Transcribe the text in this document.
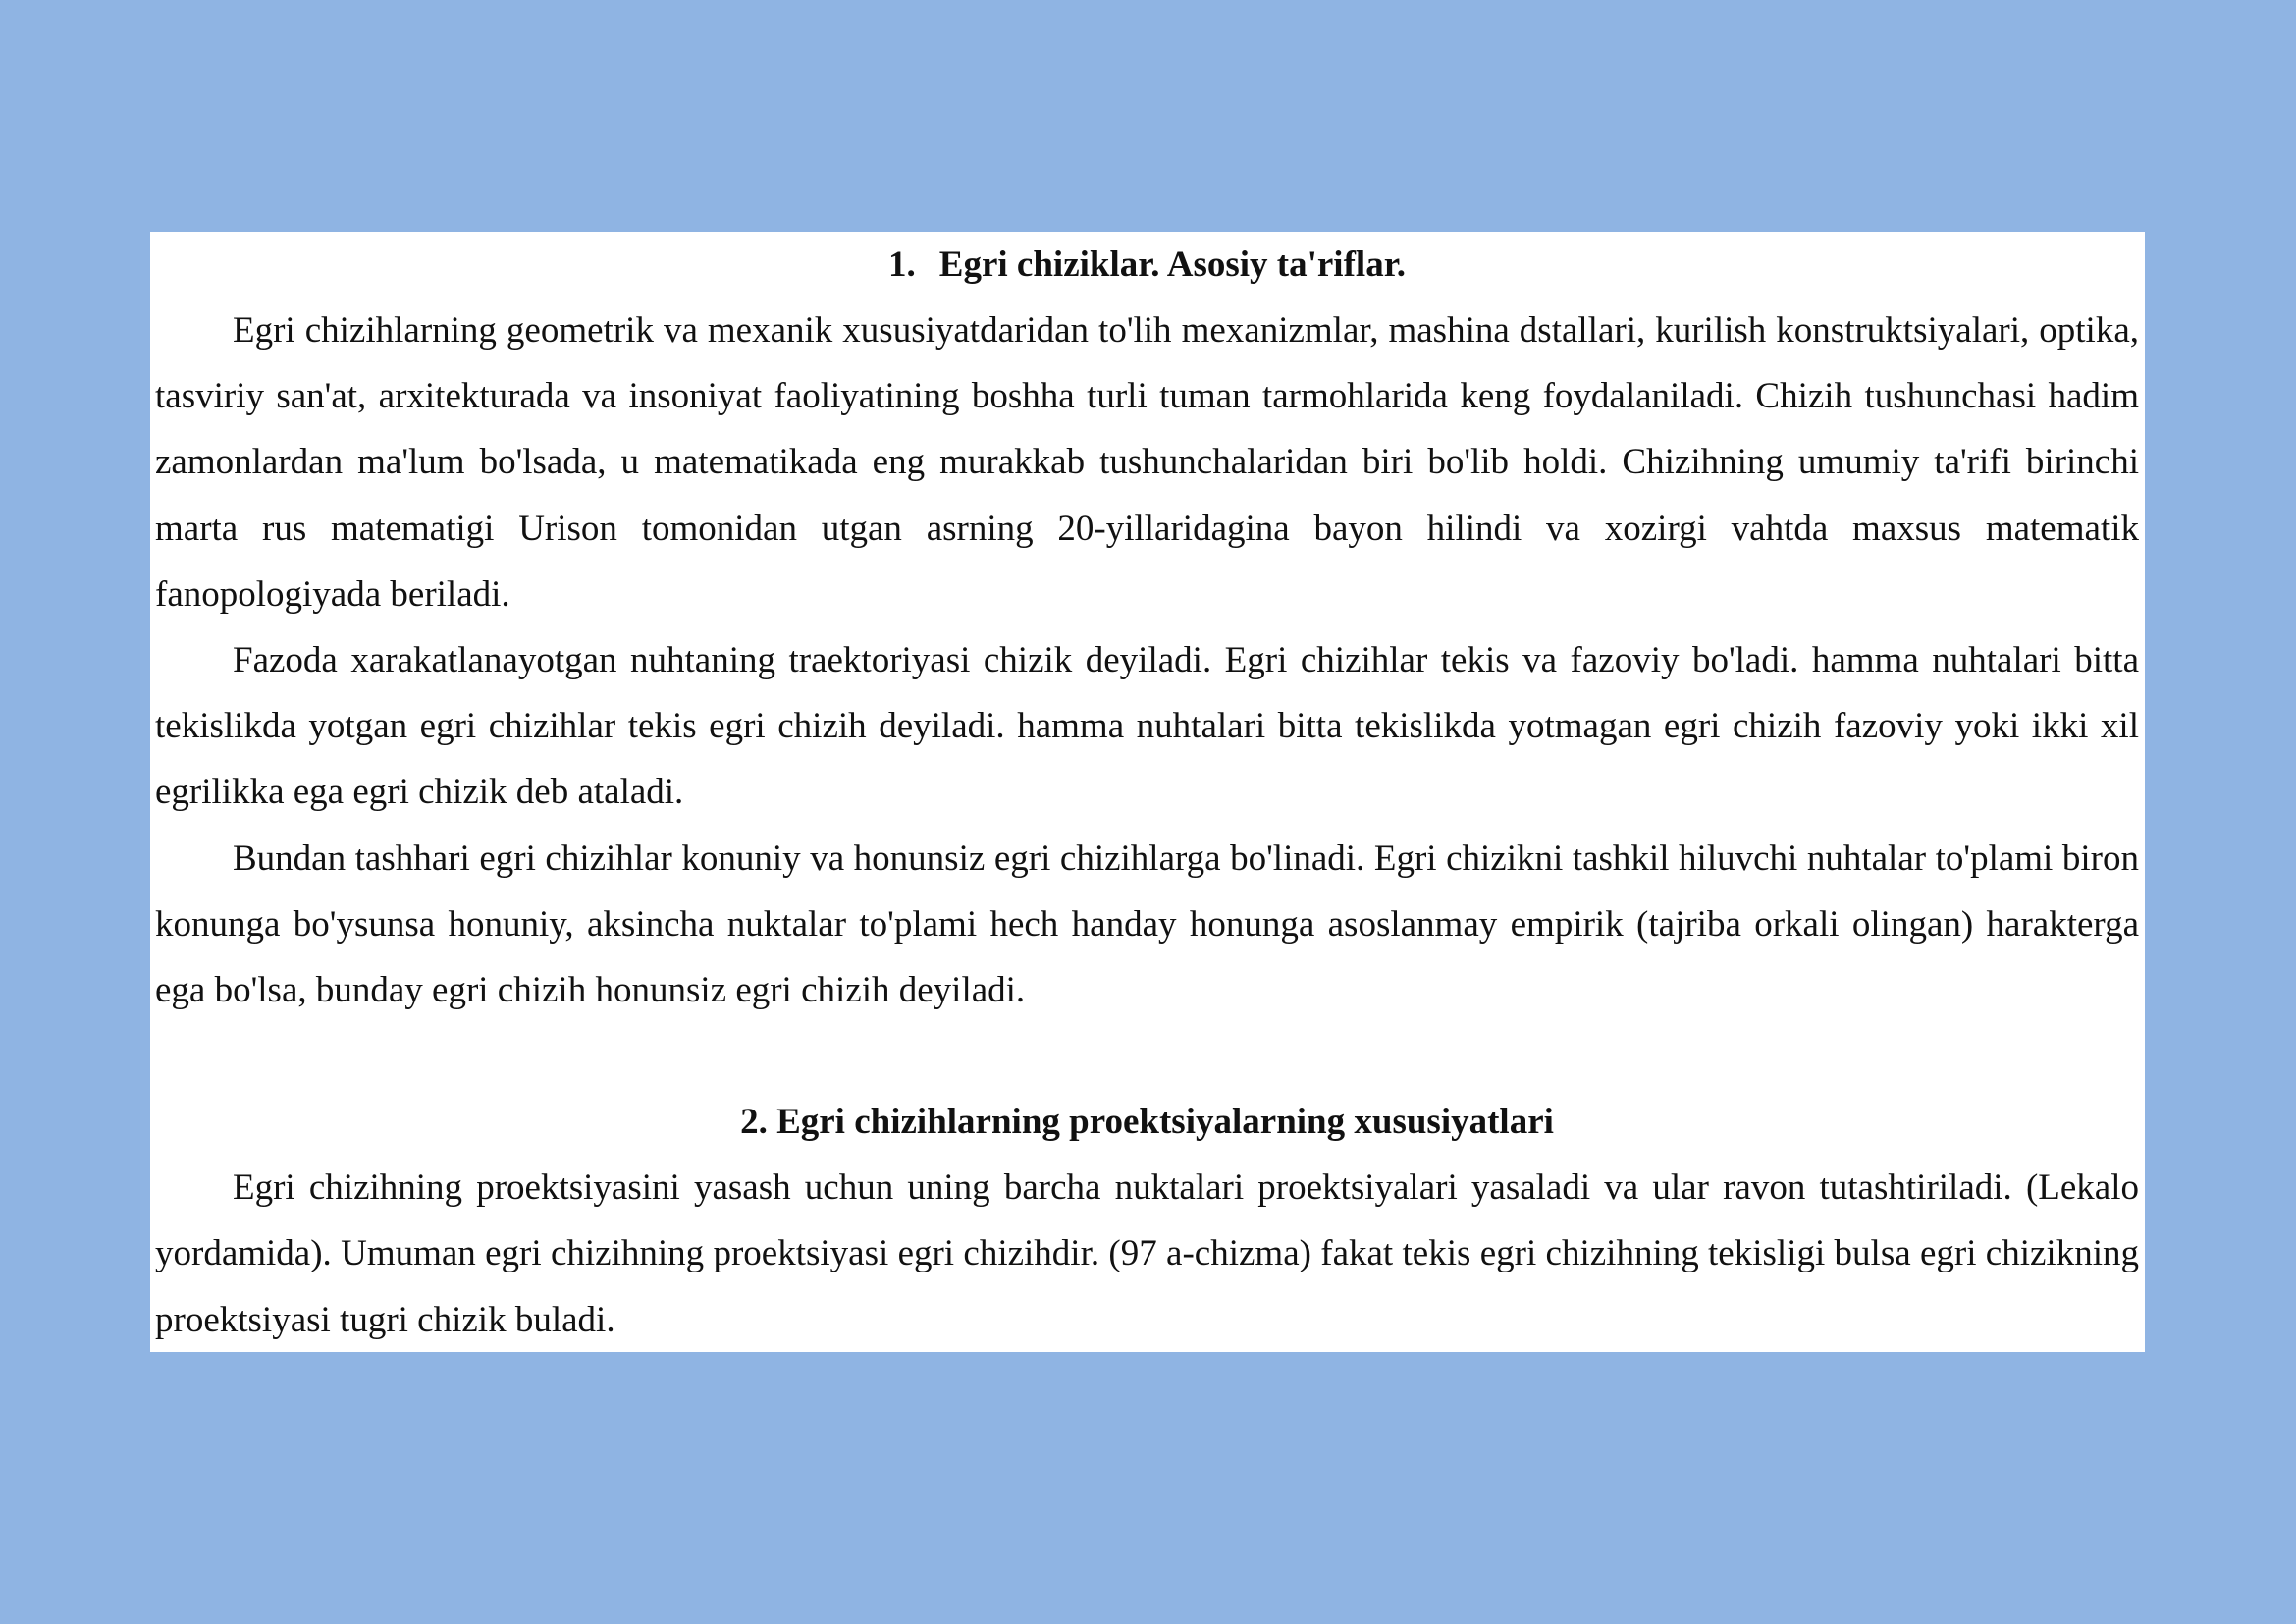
1. Egri chiziklar. Asosiy ta'riflar.

Egri chizihlarning geometrik va mexanik xususiyatdaridan to'lih mexanizmlar, mashina dstallari, kurilish konstruktsiyalari, optika, tasviriy san'at, arxitekturada va insoniyat faoliyatining boshha turli tuman tarmohlarida keng foydalaniladi. Chizih tushunchasi hadim zamonlardan ma'lum bo'lsada, u matematikada eng murakkab tushunchalaridan biri bo'lib holdi. Chizihning umumiy ta'rifi birinchi marta rus matematigi Urison tomonidan utgan asrning 20-yillaridagina bayon hilindi va xozirgi vahtda maxsus matematik fanopologiyada beriladi.

Fazoda xarakatlanayotgan nuhtaning traektoriyasi chizik deyiladi. Egri chizihlar tekis va fazoviy bo'ladi. hamma nuhtalari bitta tekislikda yotgan egri chizihlar tekis egri chizih deyiladi. hamma nuhtalari bitta tekislikda yotmagan egri chizih fazoviy yoki ikki xil egrilikka ega egri chizik deb ataladi.

Bundan tashhari egri chizihlar konuniy va honunsiz egri chizihlarga bo'linadi. Egri chizikni tashkil hiluvchi nuhtalar to'plami biron konunga bo'ysunsa honuniy, aksincha nuktalar to'plami hech handay honunga asoslanmay empirik (tajriba orkali olingan) harakterga ega bo'lsa, bunday egri chizih honunsiz egri chizih deyiladi.

2. Egri chizihlarning proektsiyalarning xususiyatlari

Egri chizihning proektsiyasini yasash uchun uning barcha nuktalari proektsiyalari yasaladi va ular ravon tutashtiriladi. (Lekalo yordamida). Umuman egri chizihning proektsiyasi egri chizihdir. (97 a-chizma) fakat tekis egri chizihning tekisligi bulsa egri chizikning proektsiyasi tugri chizik buladi.
